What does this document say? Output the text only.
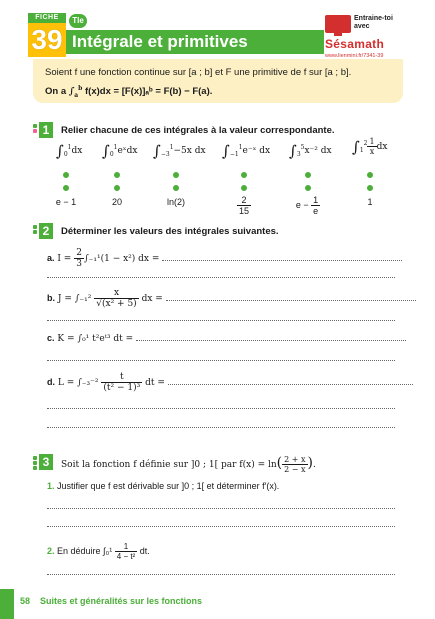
FICHE
39
Tle
Intégrale et primitives
Entraine-toi
avec
Sésamath
www.lienmini.fr/7341-39
Soient f une fonction continue sur [a ; b] et F une primitive de f sur [a ; b].
On a $\int_a^b$ f(x)dx = [F(x)]ₐᵇ = F(b) − F(a).
1	Relier chacune de ces intégrales à la valeur correspondante.
$\int_0^1dx$ $\int_0^1eˣdx$ $\int_{-3}^1-5x$ dx $\int_{-1}^1e^-ˣ$ dx $\int_3^5x^{-2}$ dx $\int_1^2 \frac{1}{x}$ dx
e − 1	20	ln(2)	$\frac{2}{15}$	$e - \frac{1}{e}$	1
2	Déterminer les valeurs des intégrales suivantes.
a. $I = \frac{2}{3} \int_{-1}^1(1 - x^2)$ dx =
b. $J = \int_{-1}^2 \frac{x}{\text{√(x² + 5)}}$ dx =
c. K = ∫₀¹ t²eᵗ³ dt =
d. $L = \int_{-3}^{-2} \frac{t}{\text{(t² − 1)³}}$ dt =
3	Soit la fonction f définie sur ]0 ; 1[ par $f(x) = \ln( \frac{2 + x}{2 - x}$ ).
1. Justifier que f est dérivable sur ]0 ; 1[ et déterminer f′(x).
2. En déduire $\int_0^1 \frac{1}{\text{4 − t²}}$ dt.
58 Suites et généralités sur les fonctions
